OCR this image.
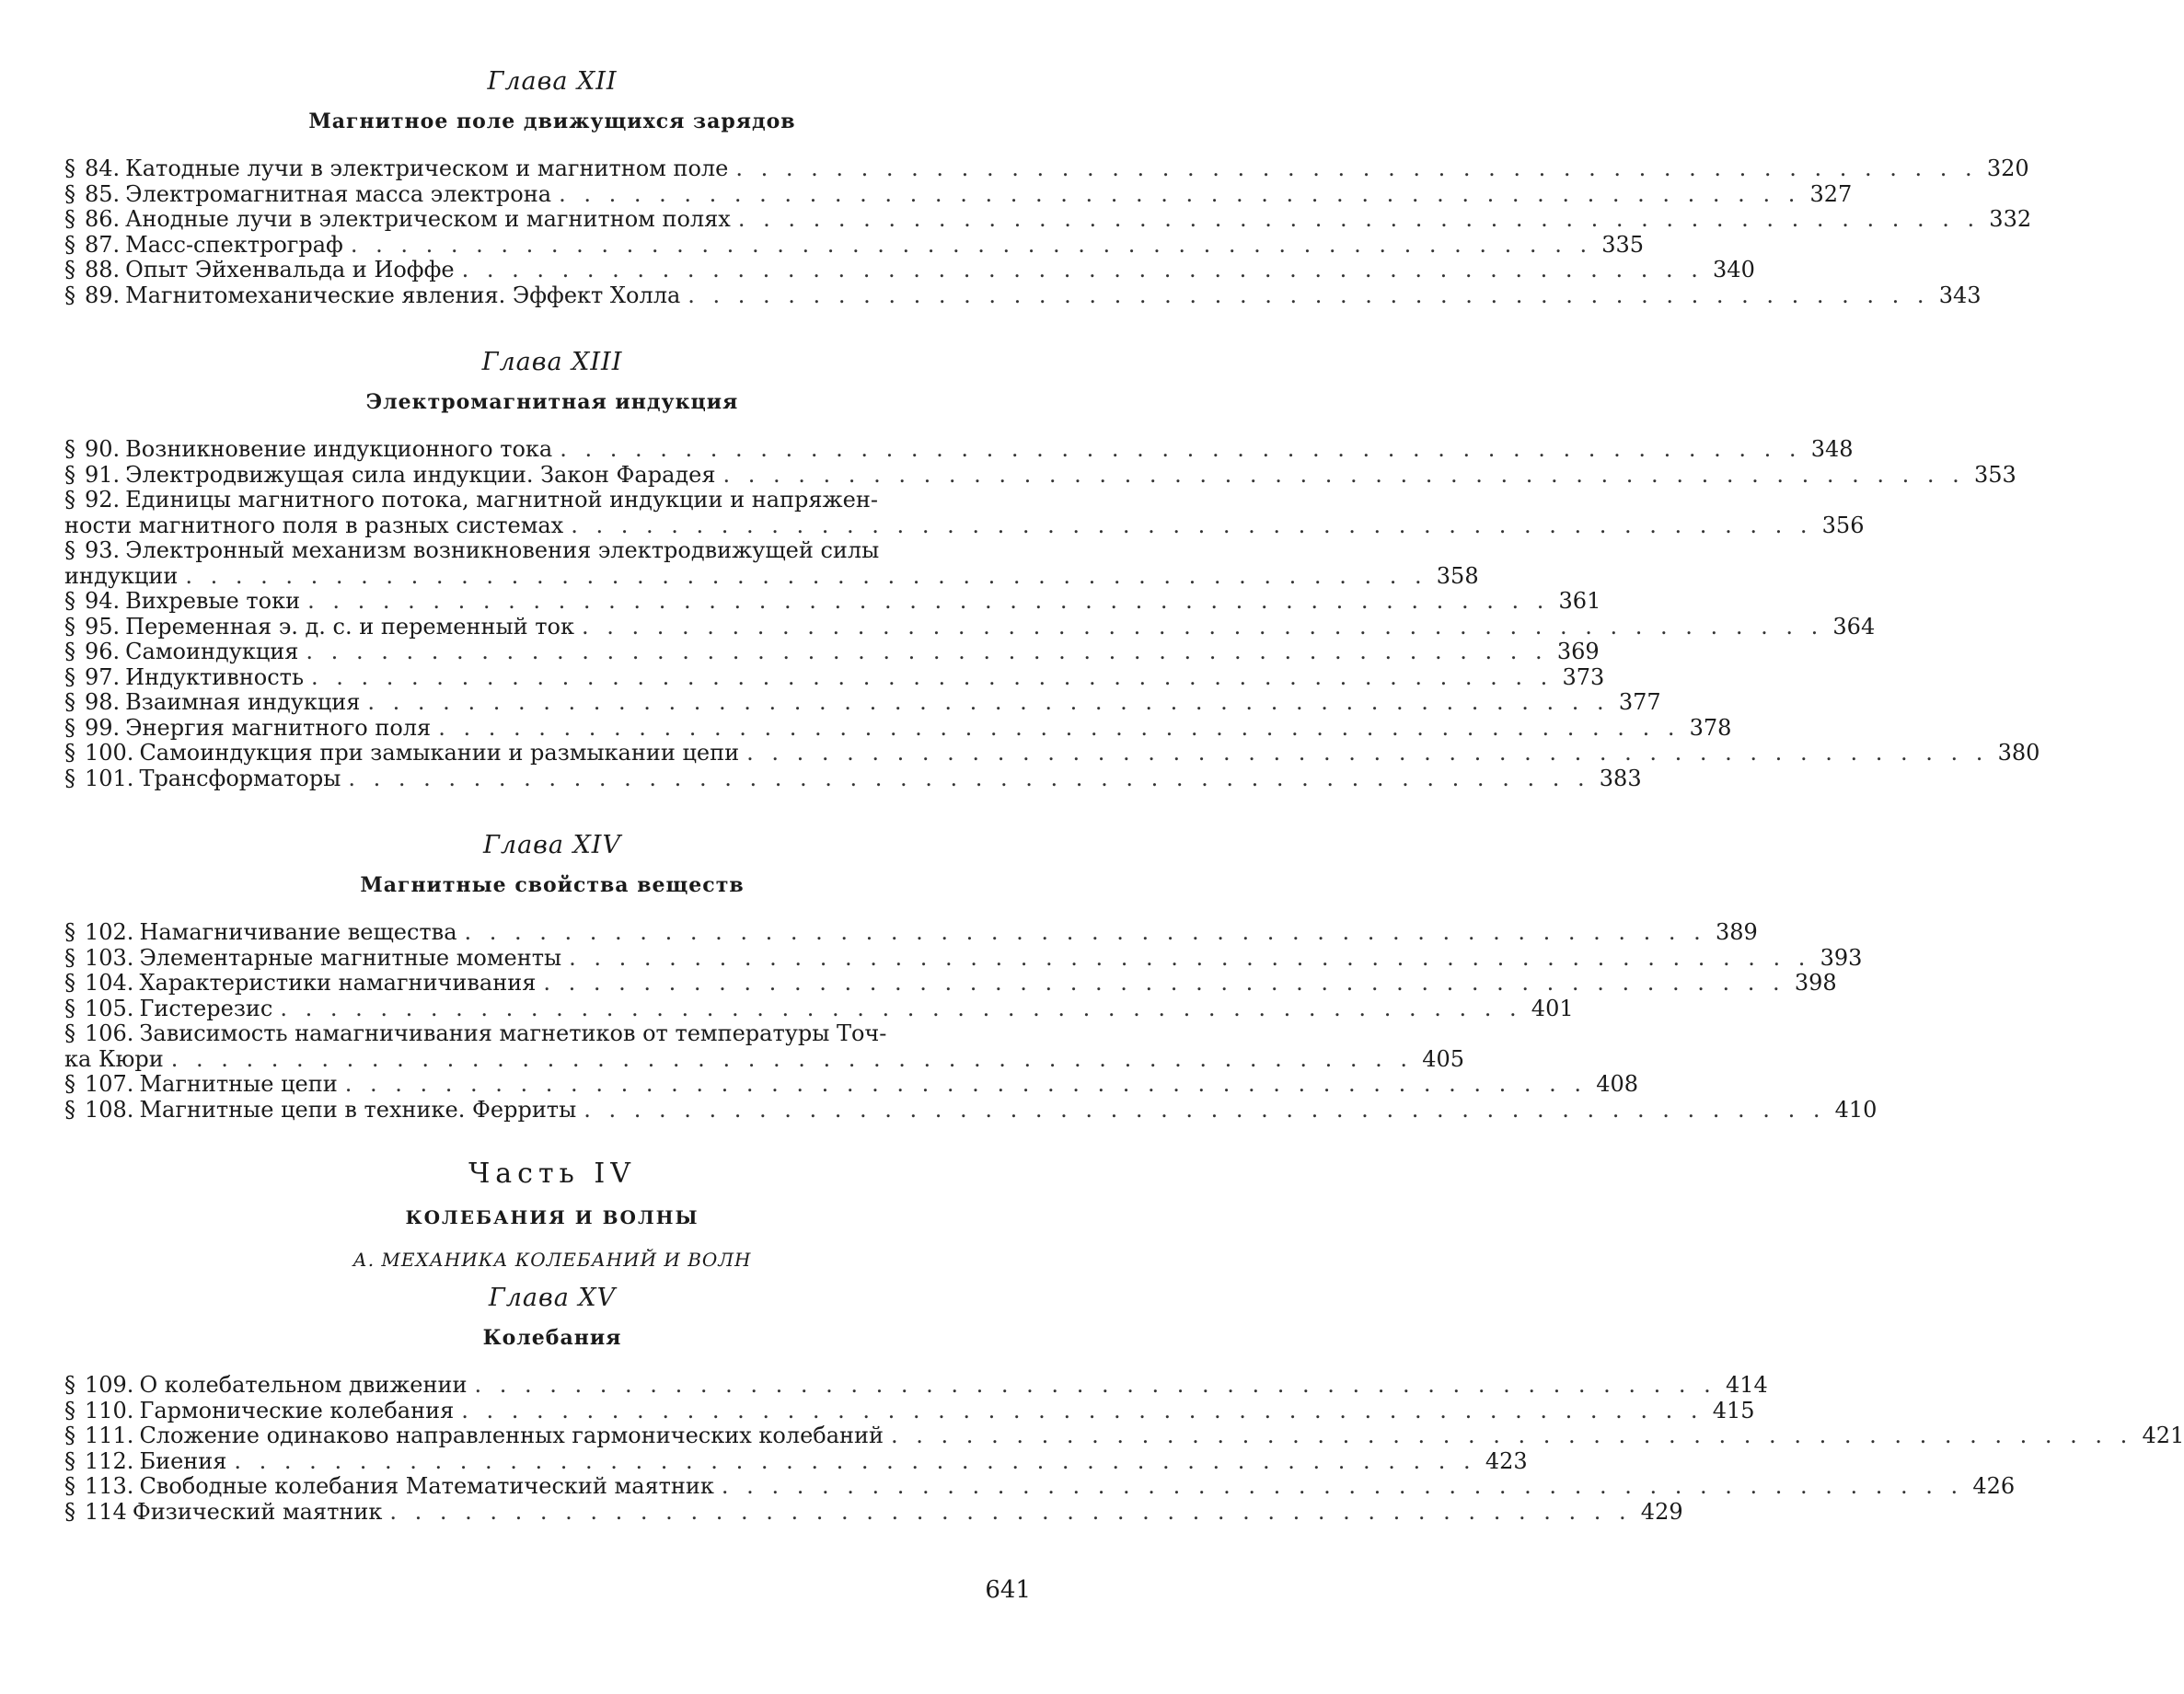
Глава XII

Магнитное поле движущихся зарядов

§ 84. Катодные лучи в электрическом и магнитном поле . . . . . . . . . . . . . . . . . . . . . . . . . . . . . . . . . . . . . . . . . . . . . . . . . . 320
§ 85. Электромагнитная масса электрона . . . . . . . . . . . . . . . . . . . . . . . . . . . . . . . . . . . . . . . . . . . . . . . . . . 327
§ 86. Анодные лучи в электрическом и магнитном полях . . . . . . . . . . . . . . . . . . . . . . . . . . . . . . . . . . . . . . . . . . . . . . . . . . 332
§ 87. Масс-спектрограф . . . . . . . . . . . . . . . . . . . . . . . . . . . . . . . . . . . . . . . . . . . . . . . . . . 335
§ 88. Опыт Эйхенвальда и Иоффе . . . . . . . . . . . . . . . . . . . . . . . . . . . . . . . . . . . . . . . . . . . . . . . . . . 340
§ 89. Магнитомеханические явления. Эффект Холла . . . . . . . . . . . . . . . . . . . . . . . . . . . . . . . . . . . . . . . . . . . . . . . . . . 343

Глава XIII

Электромагнитная индукция

§ 90. Возникновение индукционного тока . . . . . . . . . . . . . . . . . . . . . . . . . . . . . . . . . . . . . . . . . . . . . . . . . . 348
§ 91. Электродвижущая сила индукции. Закон Фарадея . . . . . . . . . . . . . . . . . . . . . . . . . . . . . . . . . . . . . . . . . . . . . . . . . . 353
§ 92. Единицы магнитного потока, магнитной индукции и напряжен-
ности магнитного поля в разных системах . . . . . . . . . . . . . . . . . . . . . . . . . . . . . . . . . . . . . . . . . . . . . . . . . . 356
§ 93. Электронный механизм возникновения электродвижущей силы
индукции . . . . . . . . . . . . . . . . . . . . . . . . . . . . . . . . . . . . . . . . . . . . . . . . . . 358
§ 94. Вихревые токи . . . . . . . . . . . . . . . . . . . . . . . . . . . . . . . . . . . . . . . . . . . . . . . . . . 361
§ 95. Переменная э. д. с. и переменный ток . . . . . . . . . . . . . . . . . . . . . . . . . . . . . . . . . . . . . . . . . . . . . . . . . . 364
§ 96. Самоиндукция . . . . . . . . . . . . . . . . . . . . . . . . . . . . . . . . . . . . . . . . . . . . . . . . . . 369
§ 97. Индуктивность . . . . . . . . . . . . . . . . . . . . . . . . . . . . . . . . . . . . . . . . . . . . . . . . . . 373
§ 98. Взаимная индукция . . . . . . . . . . . . . . . . . . . . . . . . . . . . . . . . . . . . . . . . . . . . . . . . . . 377
§ 99. Энергия магнитного поля . . . . . . . . . . . . . . . . . . . . . . . . . . . . . . . . . . . . . . . . . . . . . . . . . . 378
§ 100. Самоиндукция при замыкании и размыкании цепи . . . . . . . . . . . . . . . . . . . . . . . . . . . . . . . . . . . . . . . . . . . . . . . . . . 380
§ 101. Трансформаторы . . . . . . . . . . . . . . . . . . . . . . . . . . . . . . . . . . . . . . . . . . . . . . . . . . 383

Глава XIV

Магнитные свойства веществ

§ 102. Намагничивание вещества . . . . . . . . . . . . . . . . . . . . . . . . . . . . . . . . . . . . . . . . . . . . . . . . . . 389
§ 103. Элементарные магнитные моменты . . . . . . . . . . . . . . . . . . . . . . . . . . . . . . . . . . . . . . . . . . . . . . . . . . 393
§ 104. Характеристики намагничивания . . . . . . . . . . . . . . . . . . . . . . . . . . . . . . . . . . . . . . . . . . . . . . . . . . 398
§ 105. Гистерезис . . . . . . . . . . . . . . . . . . . . . . . . . . . . . . . . . . . . . . . . . . . . . . . . . . 401
§ 106. Зависимость намагничивания магнетиков от температуры Точ-
ка Кюри . . . . . . . . . . . . . . . . . . . . . . . . . . . . . . . . . . . . . . . . . . . . . . . . . . 405
§ 107. Магнитные цепи . . . . . . . . . . . . . . . . . . . . . . . . . . . . . . . . . . . . . . . . . . . . . . . . . . 408
§ 108. Магнитные цепи в технике. Ферриты . . . . . . . . . . . . . . . . . . . . . . . . . . . . . . . . . . . . . . . . . . . . . . . . . . 410

Часть IV

КОЛЕБАНИЯ И ВОЛНЫ

А. МЕХАНИКА КОЛЕБАНИЙ И ВОЛН

Глава XV

Колебания

§ 109. О колебательном движении . . . . . . . . . . . . . . . . . . . . . . . . . . . . . . . . . . . . . . . . . . . . . . . . . . 414
§ 110. Гармонические колебания . . . . . . . . . . . . . . . . . . . . . . . . . . . . . . . . . . . . . . . . . . . . . . . . . . 415
§ 111. Сложение одинаково направленных гармонических колебаний . . . . . . . . . . . . . . . . . . . . . . . . . . . . . . . . . . . . . . . . . . . . . . . . . . 421
§ 112. Биения . . . . . . . . . . . . . . . . . . . . . . . . . . . . . . . . . . . . . . . . . . . . . . . . . . 423
§ 113. Свободные колебания Математический маятник . . . . . . . . . . . . . . . . . . . . . . . . . . . . . . . . . . . . . . . . . . . . . . . . . . 426
§ 114 Физический маятник . . . . . . . . . . . . . . . . . . . . . . . . . . . . . . . . . . . . . . . . . . . . . . . . . . 429
641
